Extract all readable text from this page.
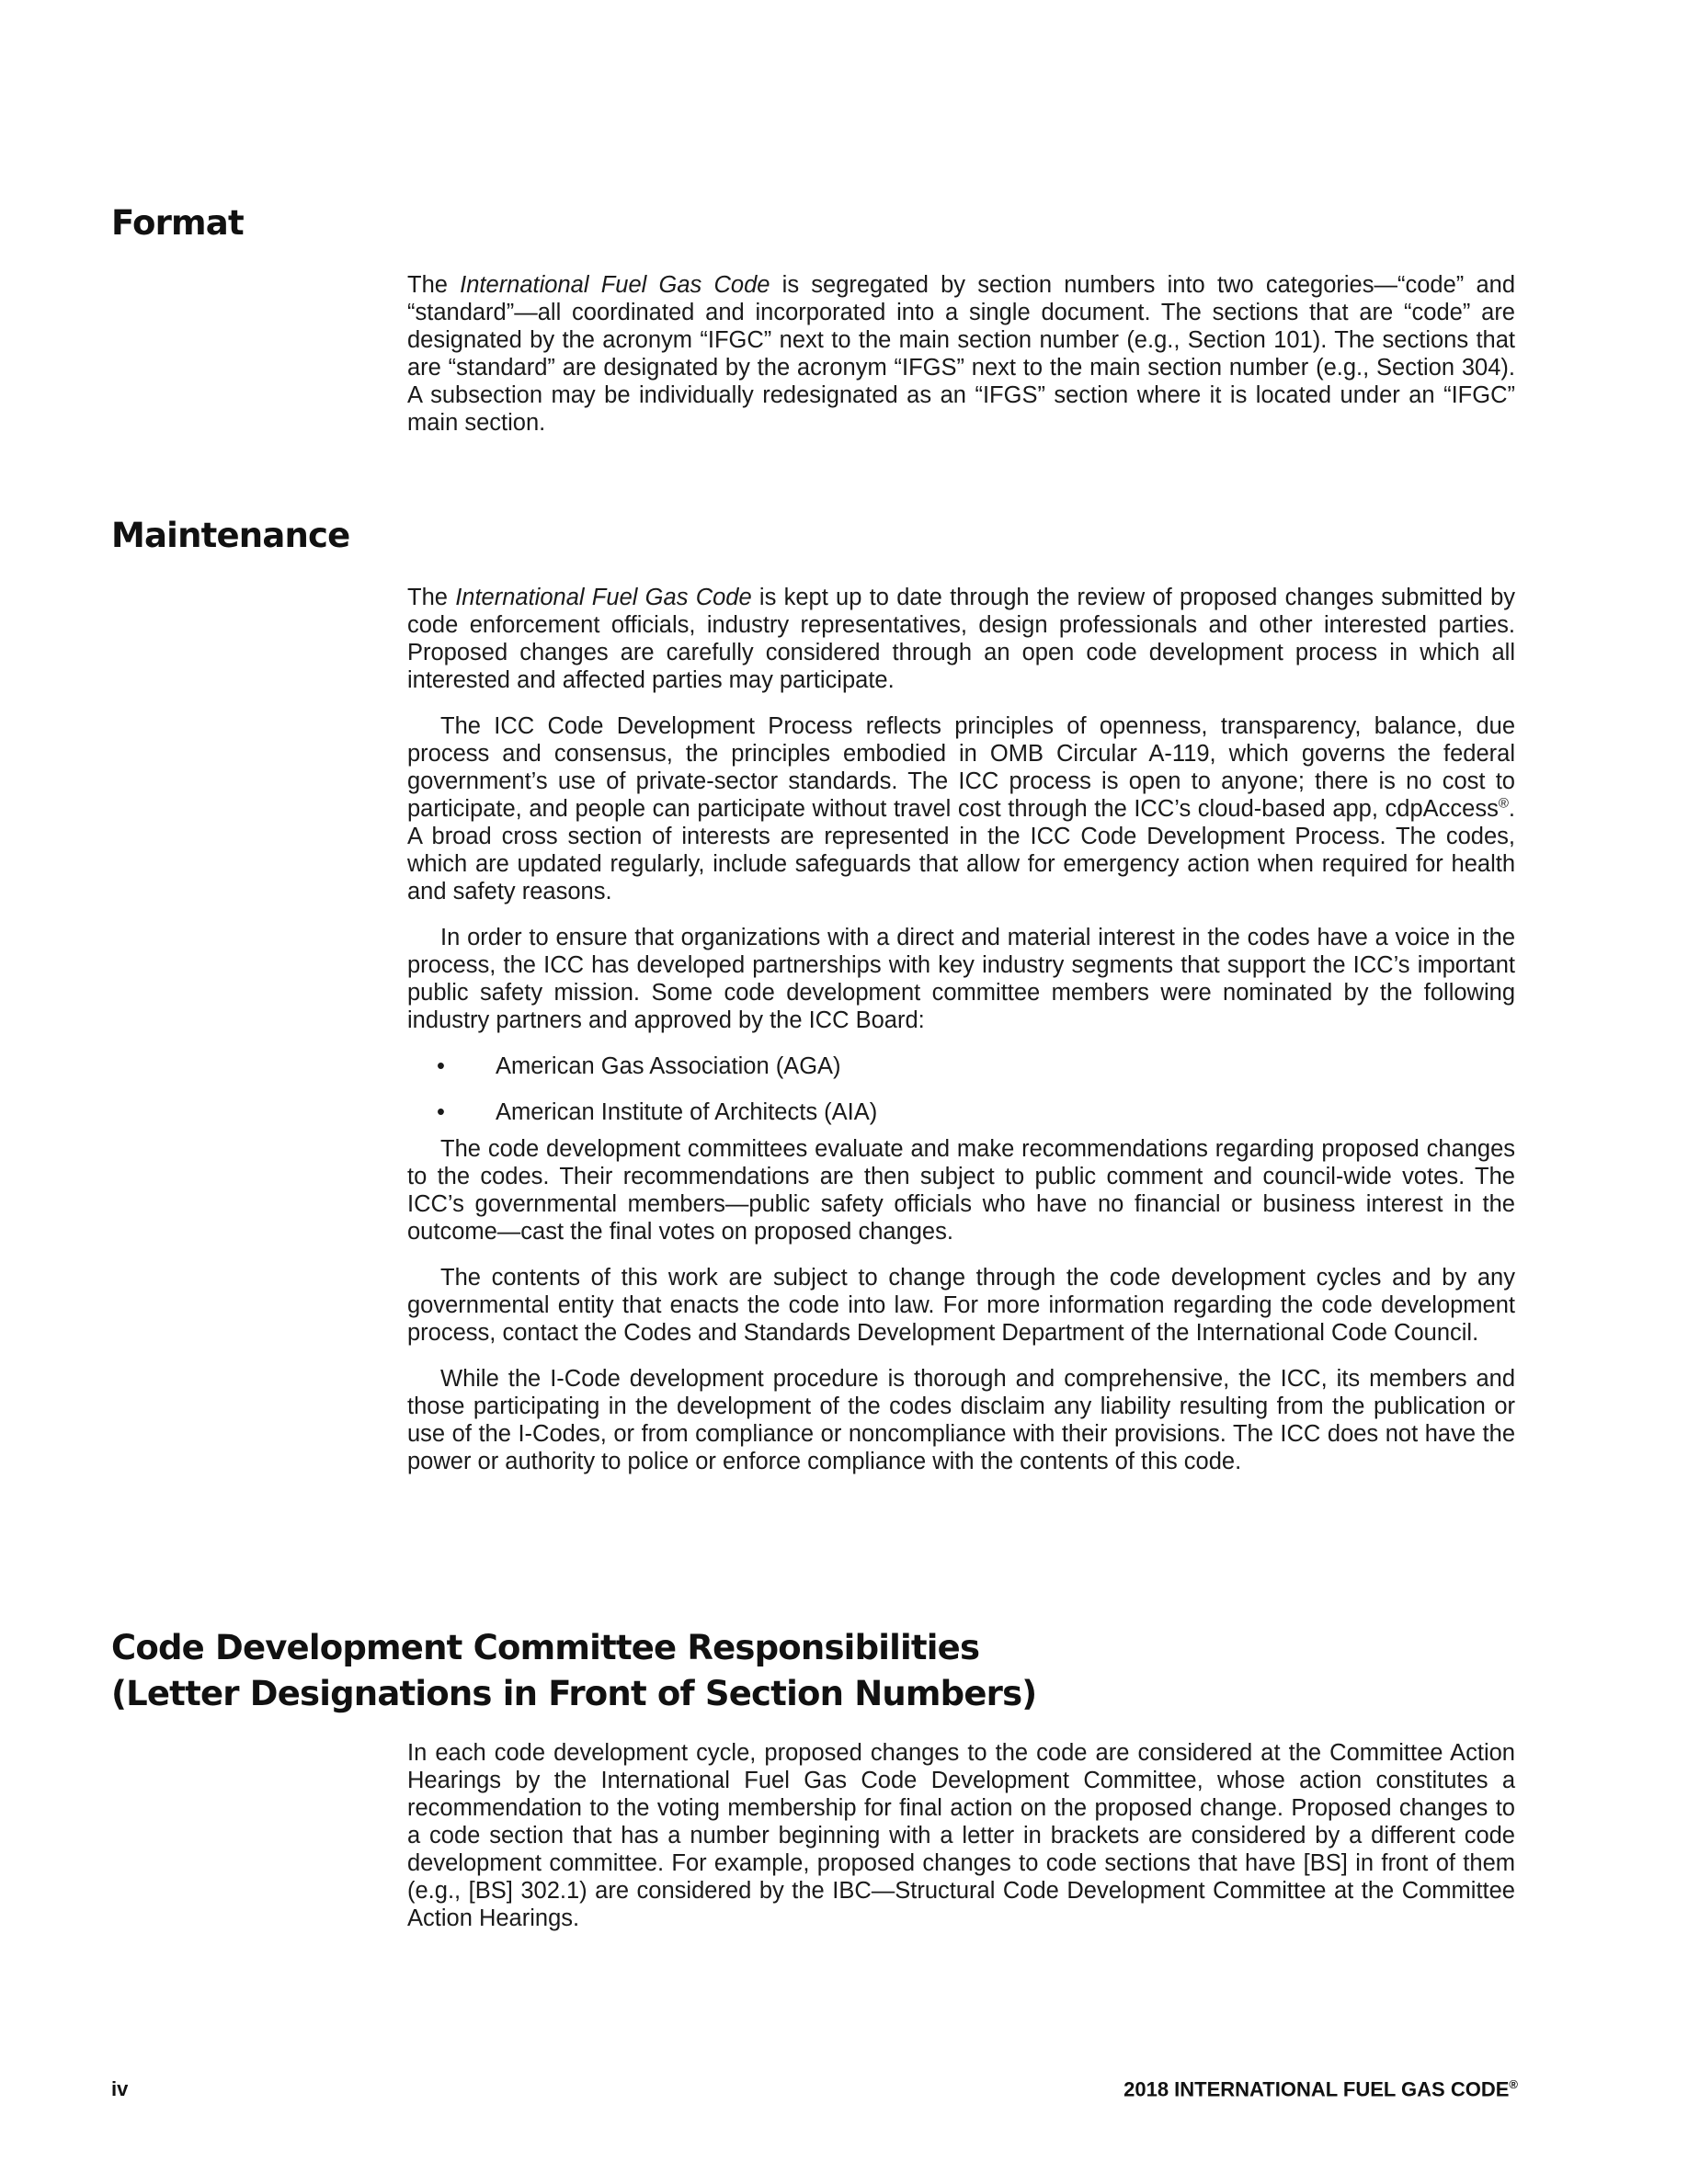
Format

The International Fuel Gas Code is segregated by section numbers into two categories—“code” and “standard”—all coordinated and incorporated into a single document. The sections that are “code” are designated by the acronym “IFGC” next to the main section number (e.g., Section 101). The sections that are “standard” are designated by the acronym “IFGS” next to the main section number (e.g., Section 304). A subsection may be individually redesignated as an “IFGS” section where it is located under an “IFGC” main section.

Maintenance

The International Fuel Gas Code is kept up to date through the review of proposed changes submitted by code enforcement officials, industry representatives, design professionals and other interested parties. Proposed changes are carefully considered through an open code development process in which all interested and affected parties may participate.

The ICC Code Development Process reflects principles of openness, transparency, balance, due process and consensus, the principles embodied in OMB Circular A-119, which governs the federal government’s use of private-sector standards. The ICC process is open to anyone; there is no cost to participate, and people can participate without travel cost through the ICC’s cloud-based app, cdpAccess®. A broad cross section of interests are represented in the ICC Code Development Process. The codes, which are updated regularly, include safeguards that allow for emergency action when required for health and safety reasons.

In order to ensure that organizations with a direct and material interest in the codes have a voice in the process, the ICC has developed partnerships with key industry segments that support the ICC’s important public safety mission. Some code development committee members were nominated by the following industry partners and approved by the ICC Board:

•	American Gas Association (AGA)
•	American Institute of Architects (AIA)

The code development committees evaluate and make recommendations regarding proposed changes to the codes. Their recommendations are then subject to public comment and council-wide votes. The ICC’s governmental members—public safety officials who have no financial or business interest in the outcome—cast the final votes on proposed changes.

The contents of this work are subject to change through the code development cycles and by any governmental entity that enacts the code into law. For more information regarding the code development process, contact the Codes and Standards Development Department of the International Code Council.

While the I-Code development procedure is thorough and comprehensive, the ICC, its members and those participating in the development of the codes disclaim any liability resulting from the publication or use of the I-Codes, or from compliance or noncompliance with their provisions. The ICC does not have the power or authority to police or enforce compliance with the contents of this code.

Code Development Committee Responsibilities
(Letter Designations in Front of Section Numbers)

In each code development cycle, proposed changes to the code are considered at the Committee Action Hearings by the International Fuel Gas Code Development Committee, whose action constitutes a recommendation to the voting membership for final action on the proposed change. Proposed changes to a code section that has a number beginning with a letter in brackets are considered by a different code development committee. For example, proposed changes to code sections that have [BS] in front of them (e.g., [BS] 302.1) are considered by the IBC—Structural Code Development Committee at the Committee Action Hearings.

iv	2018 INTERNATIONAL FUEL GAS CODE®
